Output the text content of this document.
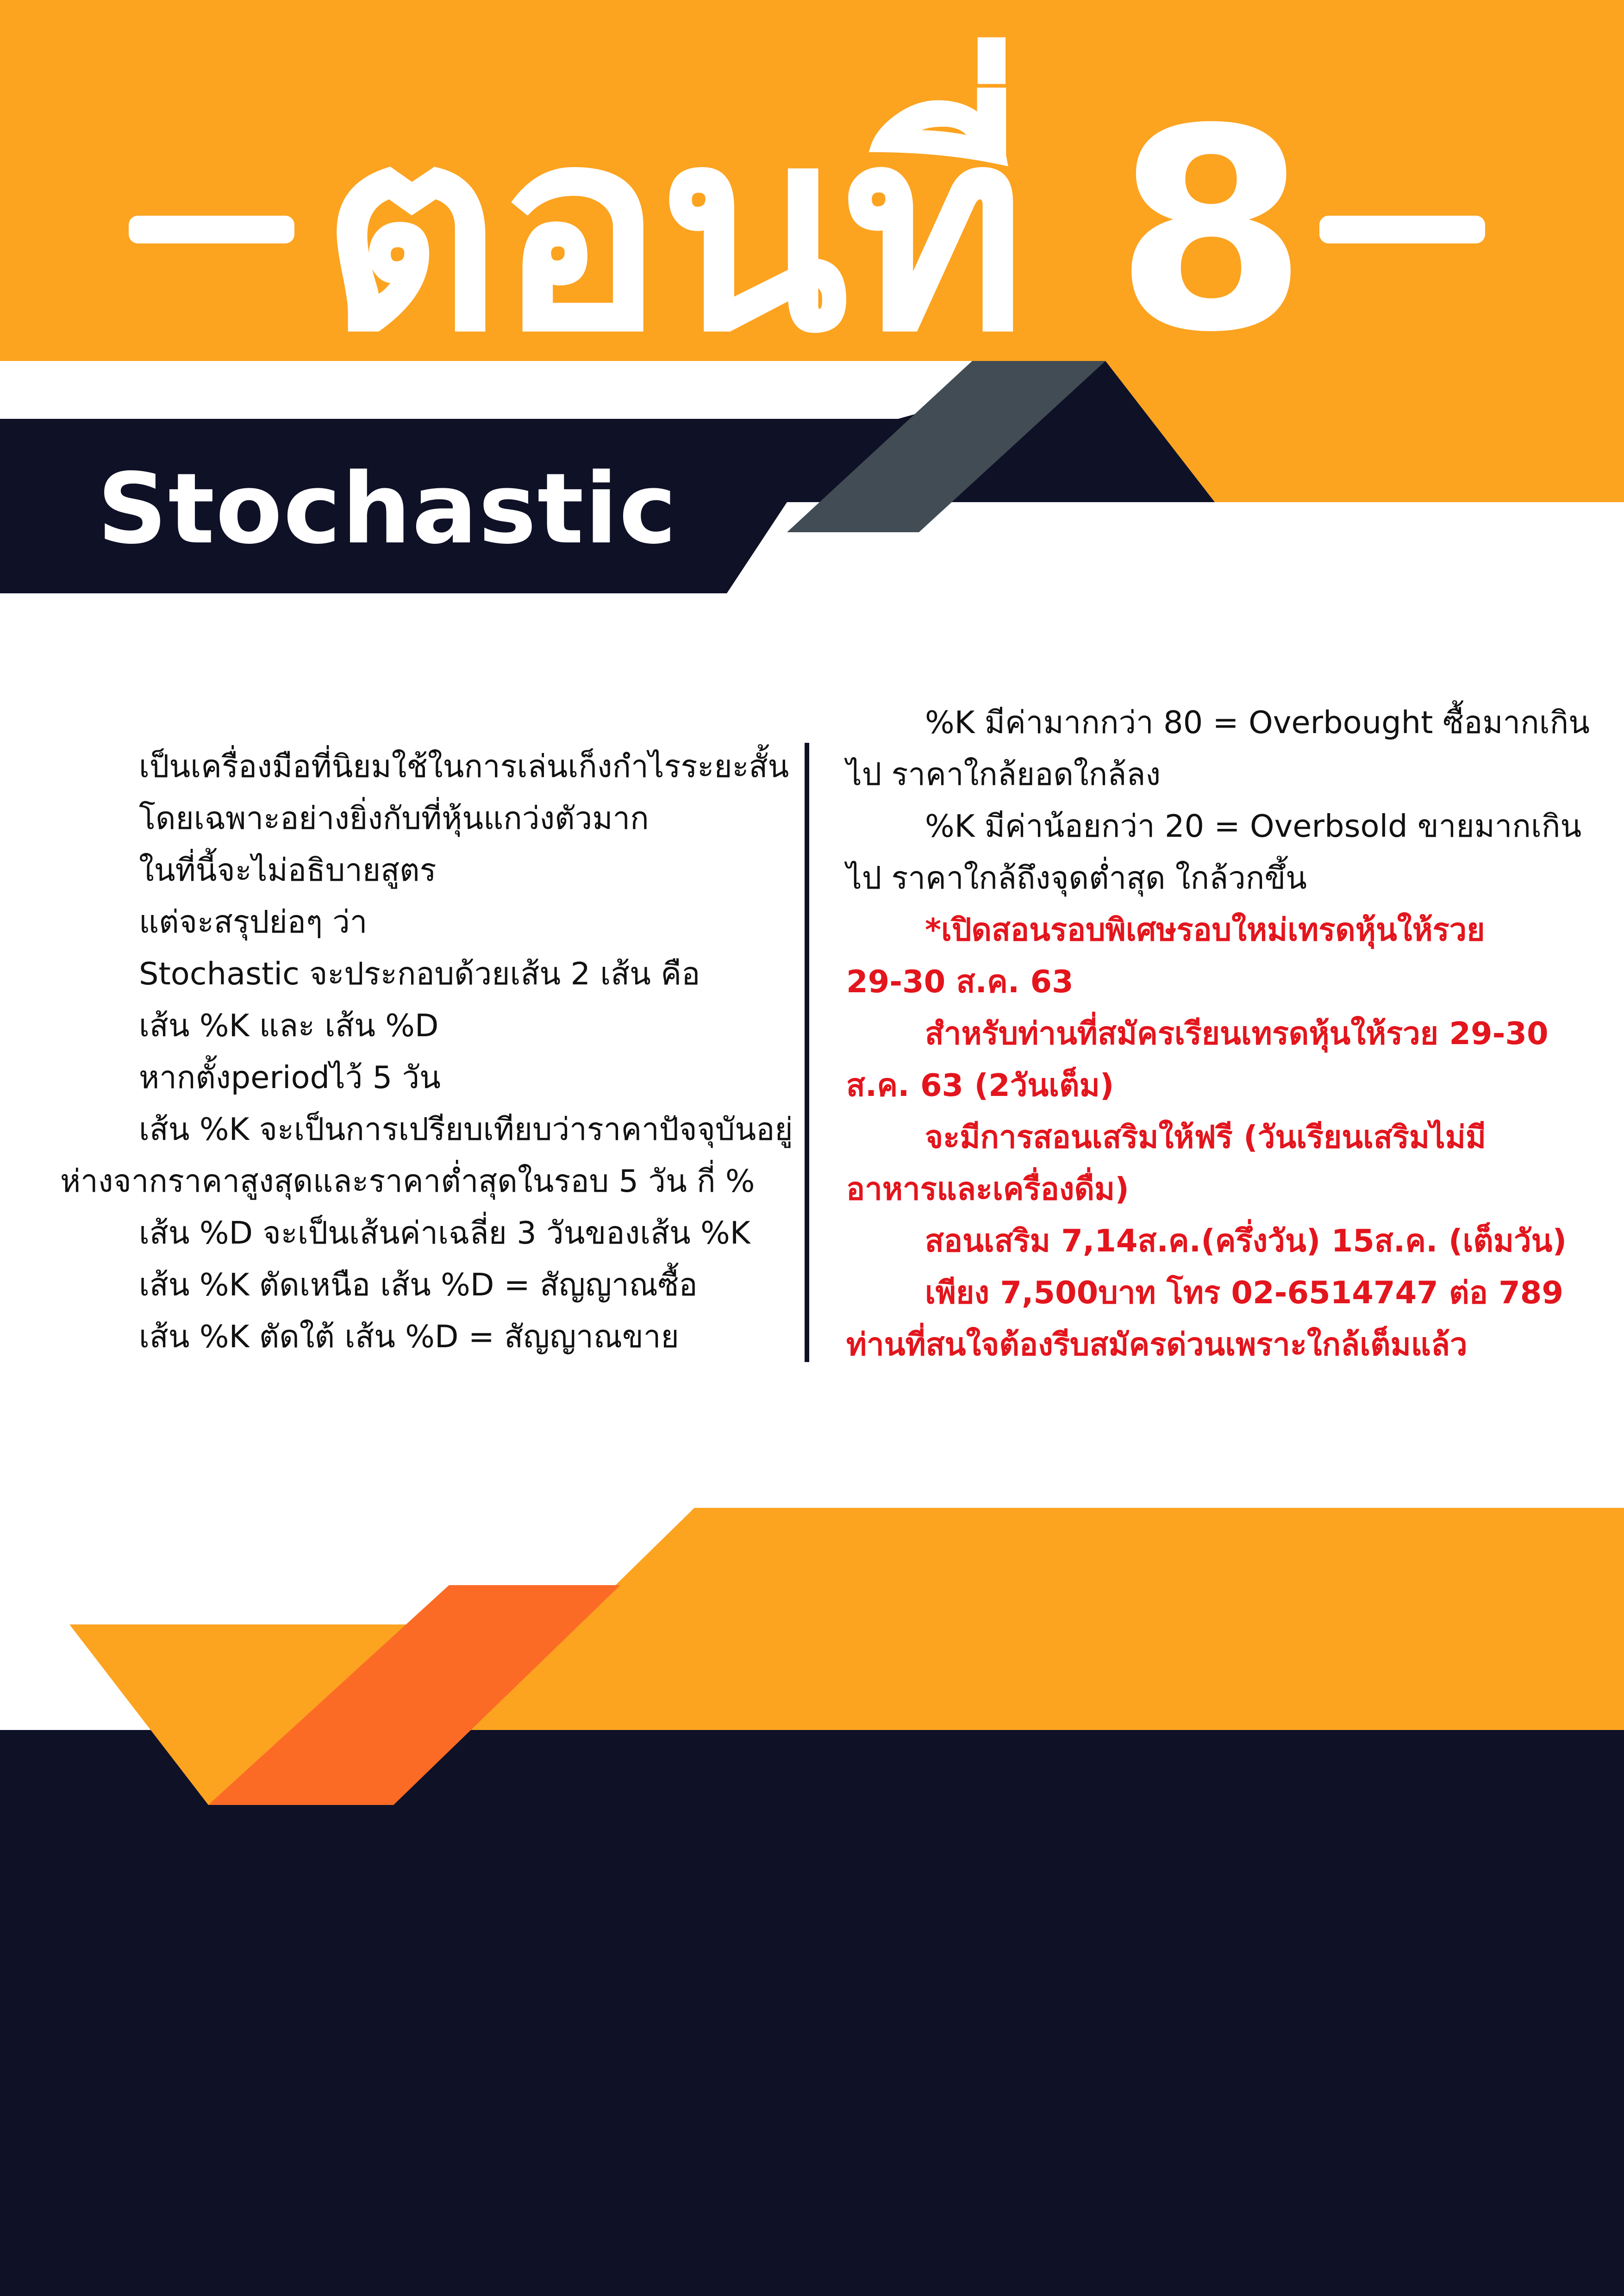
ตอนที่ 8
Stochastic
เป็นเครื่องมือที่นิยมใช้ในการเล่นเก็งกำไรระยะสั้น
โดยเฉพาะอย่างยิ่งกับที่หุ้นแกว่งตัวมาก
ในที่นี้จะไม่อธิบายสูตร
แต่จะสรุปย่อๆ ว่า
Stochastic จะประกอบด้วยเส้น 2 เส้น คือ
เส้น %K และ เส้น %D
หากตั้งperiodไว้ 5 วัน
เส้น %K จะเป็นการเปรียบเทียบว่าราคาปัจจุบันอยู่
ห่างจากราคาสูงสุดและราคาต่ำสุดในรอบ 5 วัน กี่ %
เส้น %D จะเป็นเส้นค่าเฉลี่ย 3 วันของเส้น %K
เส้น %K ตัดเหนือ เส้น %D = สัญญาณซื้อ
เส้น %K ตัดใต้ เส้น %D = สัญญาณขาย
%K มีค่ามากกว่า 80 = Overbought ซื้อมากเกิน
ไป ราคาใกล้ยอดใกล้ลง
%K มีค่าน้อยกว่า 20 = Overbsold ขายมากเกิน
ไป ราคาใกล้ถึงจุดต่ำสุด ใกล้วกขึ้น
*เปิดสอนรอบพิเศษรอบใหม่เทรดหุ้นให้รวย
29-30 ส.ค. 63
สำหรับท่านที่สมัครเรียนเทรดหุ้นให้รวย 29-30
ส.ค. 63 (2วันเต็ม)
จะมีการสอนเสริมให้ฟรี (วันเรียนเสริมไม่มี
อาหารและเครื่องดื่ม)
สอนเสริม 7,14ส.ค.(ครึ่งวัน) 15ส.ค. (เต็มวัน)
เพียง 7,500บาท โทร 02-6514747 ต่อ 789
ท่านที่สนใจต้องรีบสมัครด่วนเพราะใกล้เต็มแล้ว
